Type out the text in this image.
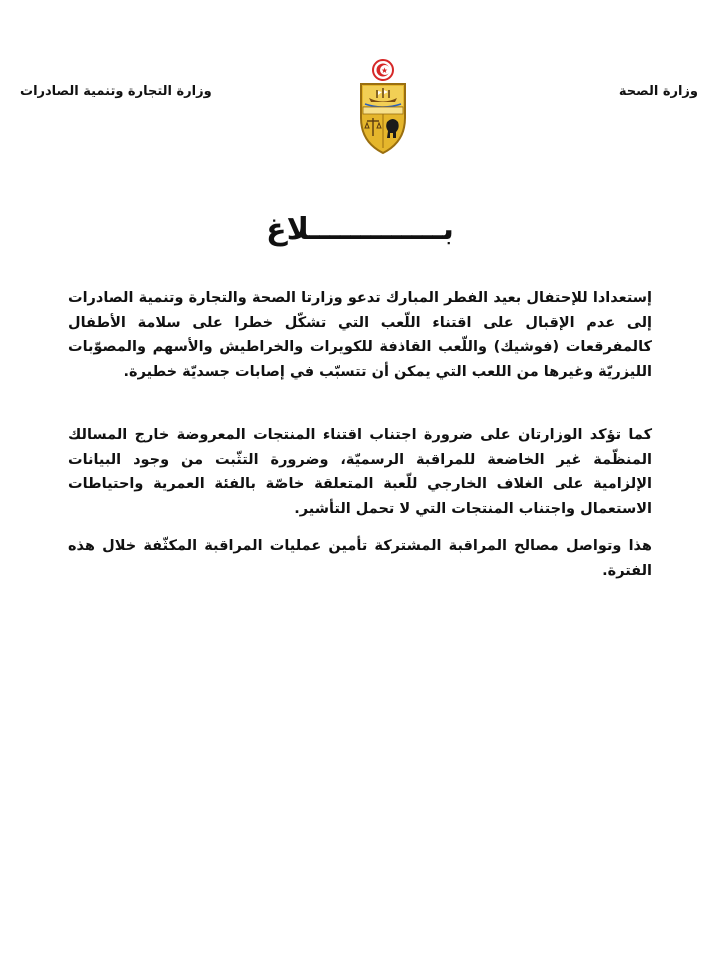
وزارة التجارة وتنمية الصادرات	وزارة الصحة
بـــــــــــــلاغ
إستعدادا للإحتفال بعيد الفطر المبارك تدعو وزارتا الصحة والتجارة وتنمية الصادرات إلى عدم الإقبال على اقتناء اللّعب التي تشكّل خطرا على سلامة الأطفال كالمفرقعات (فوشيك) واللّعب القاذفة للكويرات والخراطيش والأسهم والمصوّبات الليزريّة وغيرها من اللعب التي يمكن أن تتسبّب في إصابات جسديّة خطيرة.
كما تؤكد الوزارتان على ضرورة اجتناب اقتناء المنتجات المعروضة خارج المسالك المنظّمة غير الخاضعة للمراقبة الرسميّة، وضرورة التثّبت من وجود البيانات الإلزامية على الغلاف الخارجي للّعبة المتعلقة خاصّة بالفئة العمرية واحتياطات الاستعمال واجتناب المنتجات التي لا تحمل التأشير.
هذا وتواصل مصالح المراقبة المشتركة تأمين عمليات المراقبة المكثّفة خلال هذه الفترة.
